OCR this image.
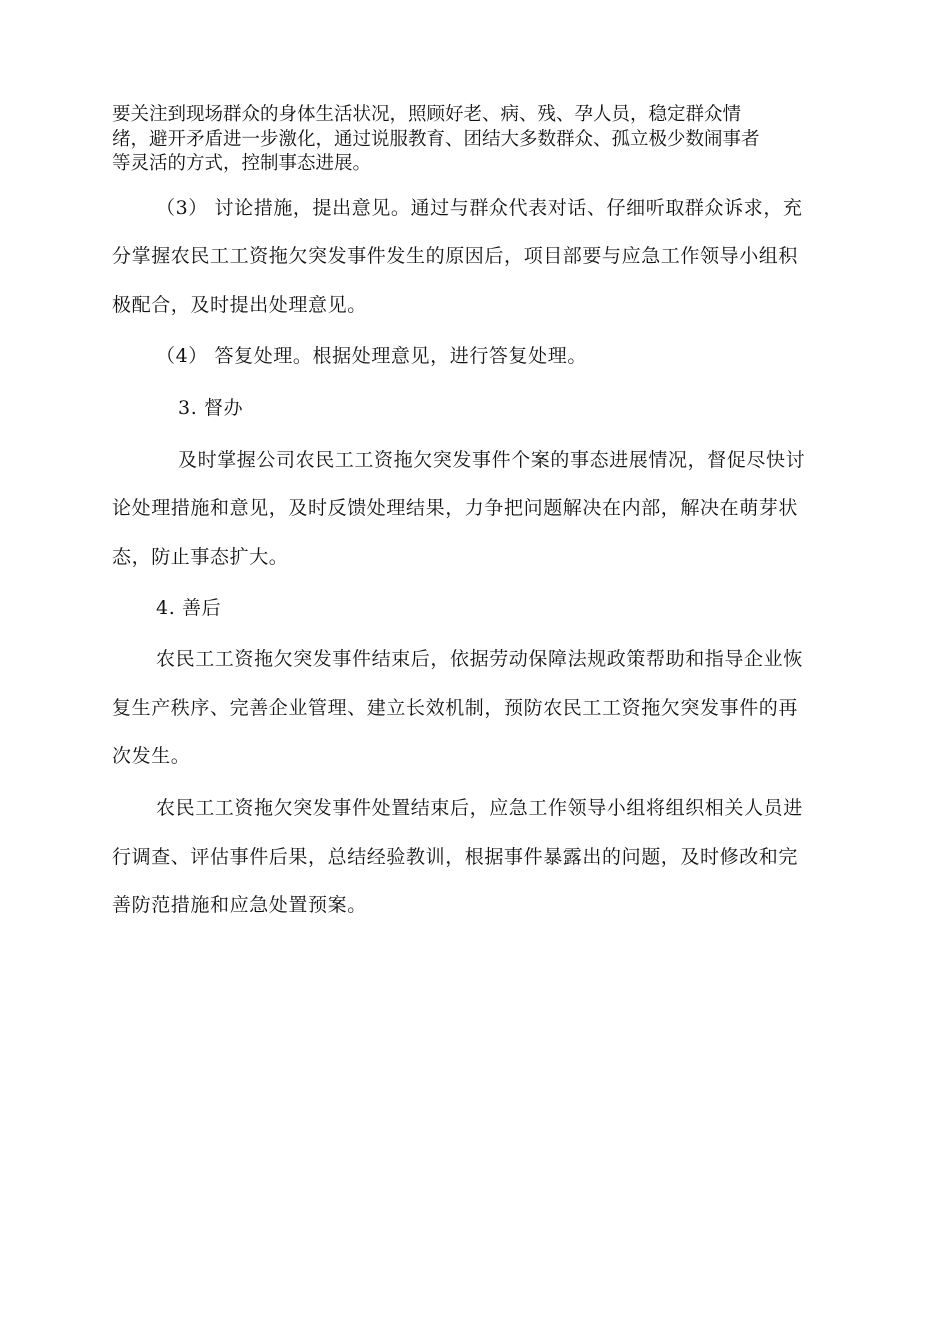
要关注到现场群众的身体生活状况，照顾好老、病、残、孕人员，稳定群众情

绪，避开矛盾进一步激化，通过说服教育、团结大多数群众、孤立极少数闹事者

等灵活的方式，控制事态进展。

（3） 讨论措施，提出意见。通过与群众代表对话、仔细听取群众诉求，充

分掌握农民工工资拖欠突发事件发生的原因后，项目部要与应急工作领导小组积

极配合，及时提出处理意见。

（4） 答复处理。根据处理意见，进行答复处理。

3. 督办

及时掌握公司农民工工资拖欠突发事件个案的事态进展情况，督促尽快讨

论处理措施和意见，及时反馈处理结果，力争把问题解决在内部，解决在萌芽状

态，防止事态扩大。

4. 善后

农民工工资拖欠突发事件结束后，依据劳动保障法规政策帮助和指导企业恢

复生产秩序、完善企业管理、建立长效机制，预防农民工工资拖欠突发事件的再

次发生。

农民工工资拖欠突发事件处置结束后，应急工作领导小组将组织相关人员进

行调查、评估事件后果，总结经验教训，根据事件暴露出的问题，及时修改和完

善防范措施和应急处置预案。
